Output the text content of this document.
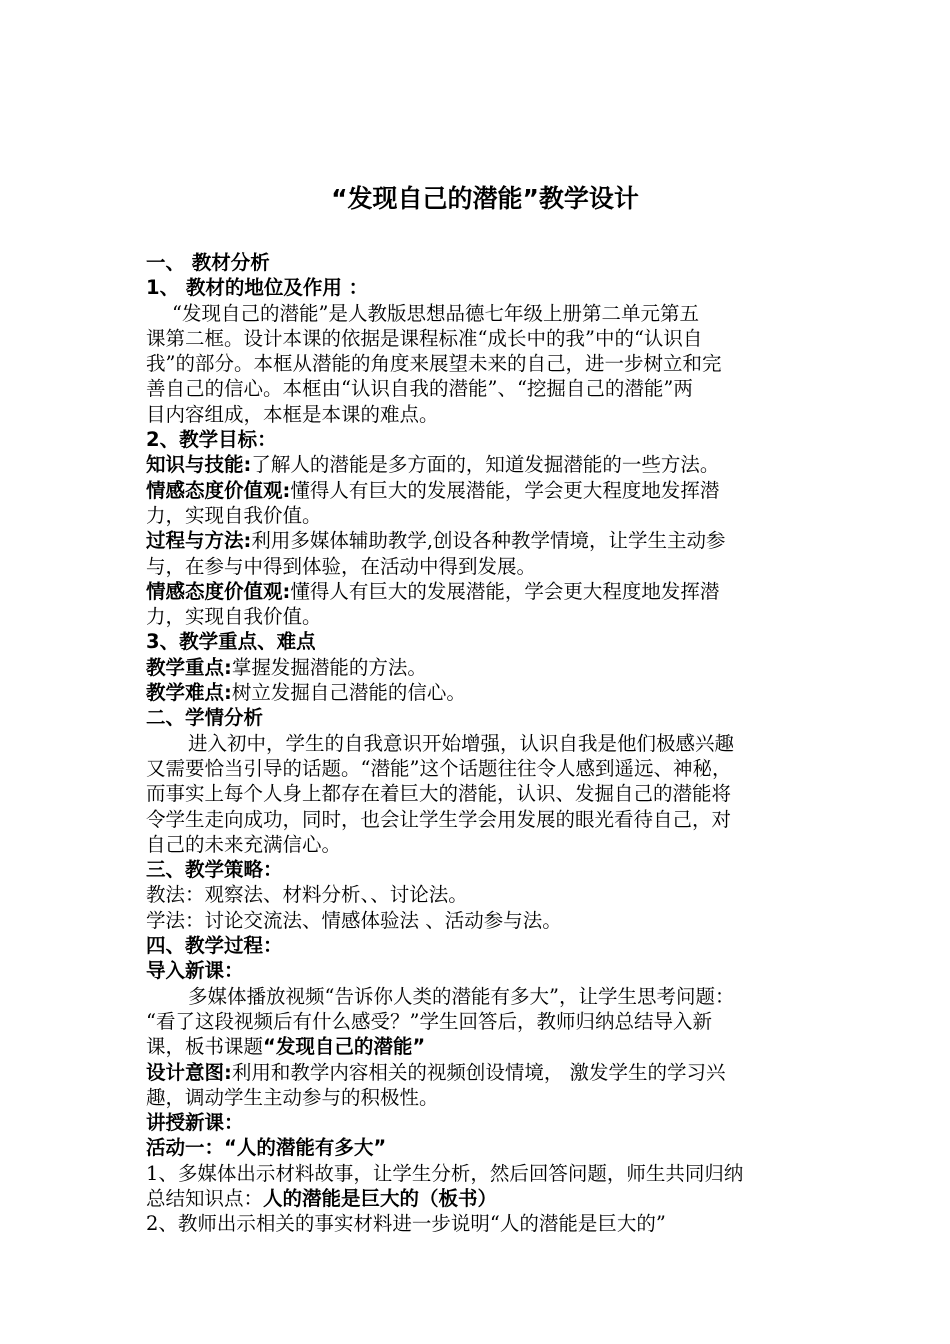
“发现自己的潜能”教学设计

一、 教材分析

1、 教材的地位及作用 ：

“发现自己的潜能”是人教版思想品德七年级上册第二单元第五

课第二框。设计本课的依据是课程标准“成长中的我”中的“认识自

我”的部分。本框从潜能的角度来展望未来的自己，进一步树立和完

善自己的信心。本框由“认识自我的潜能”、“挖掘自己的潜能”两

目内容组成，本框是本课的难点。

2、教学目标：

知识与技能:了解人的潜能是多方面的，知道发掘潜能的一些方法。

情感态度价值观:懂得人有巨大的发展潜能，学会更大程度地发挥潜

力，实现自我价值。

过程与方法:利用多媒体辅助教学,创设各种教学情境，让学生主动参

与，在参与中得到体验，在活动中得到发展。

情感态度价值观:懂得人有巨大的发展潜能，学会更大程度地发挥潜

力，实现自我价值。

3、教学重点、难点

教学重点:掌握发掘潜能的方法。

教学难点:树立发掘自己潜能的信心。

二、学情分析

进入初中，学生的自我意识开始增强，认识自我是他们极感兴趣

又需要恰当引导的话题。“潜能”这个话题往往令人感到遥远、神秘，

而事实上每个人身上都存在着巨大的潜能，认识、发掘自己的潜能将

令学生走向成功，同时，也会让学生学会用发展的眼光看待自己，对

自己的未来充满信心。

三、教学策略：

教法：观察法、材料分析、、讨论法。

学法：讨论交流法、情感体验法 、活动参与法。

四、教学过程：

导入新课：

多媒体播放视频“告诉你人类的潜能有多大”，让学生思考问题：

“看了这段视频后有什么感受？”学生回答后，教师归纳总结导入新

课，板书课题“发现自己的潜能”

设计意图:利用和教学内容相关的视频创设情境， 激发学生的学习兴

趣，调动学生主动参与的积极性。

讲授新课：

活动一：“人的潜能有多大”

1、多媒体出示材料故事，让学生分析，然后回答问题，师生共同归纳

总结知识点：人的潜能是巨大的（板书）

2、教师出示相关的事实材料进一步说明“人的潜能是巨大的”
